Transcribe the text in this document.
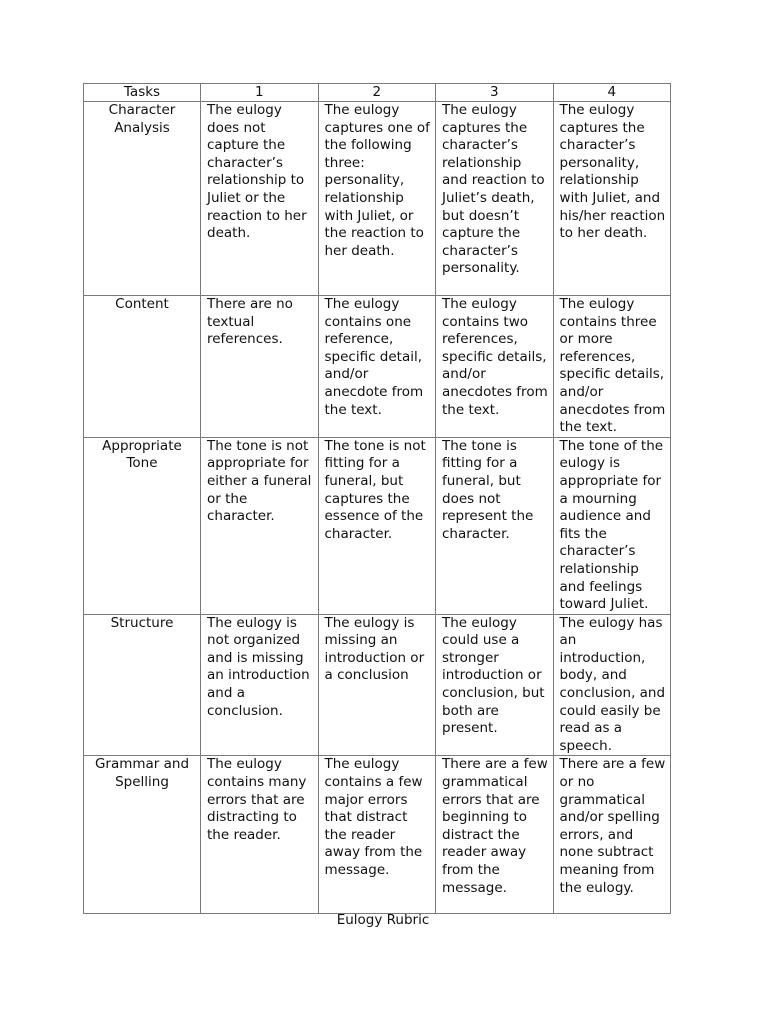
Tasks	1	2	3	4
Character Analysis	The eulogy does not capture the character’s relationship to Juliet or the reaction to her death.	The eulogy captures one of the following three: personality, relationship with Juliet, or the reaction to her death.	The eulogy captures the character’s relationship and reaction to Juliet’s death, but doesn’t capture the character’s personality.	The eulogy captures the character’s personality, relationship with Juliet, and his/her reaction to her death.
Content	There are no textual references.	The eulogy contains one reference, specific detail, and/or anecdote from the text.	The eulogy contains two references, specific details, and/or anecdotes from the text.	The eulogy contains three or more references, specific details, and/or anecdotes from the text.
Appropriate Tone	The tone is not appropriate for either a funeral or the character.	The tone is not fitting for a funeral, but captures the essence of the character.	The tone is fitting for a funeral, but does not represent the character.	The tone of the eulogy is appropriate for a mourning audience and fits the character’s relationship and feelings toward Juliet.
Structure	The eulogy is not organized and is missing an introduction and a conclusion.	The eulogy is missing an introduction or a conclusion	The eulogy could use a stronger introduction or conclusion, but both are present.	The eulogy has an introduction, body, and conclusion, and could easily be read as a speech.
Grammar and Spelling	The eulogy contains many errors that are distracting to the reader.	The eulogy contains a few major errors that distract the reader away from the message.	There are a few grammatical errors that are beginning to distract the reader away from the message.	There are a few or no grammatical and/or spelling errors, and none subtract meaning from the eulogy.
Eulogy Rubric
